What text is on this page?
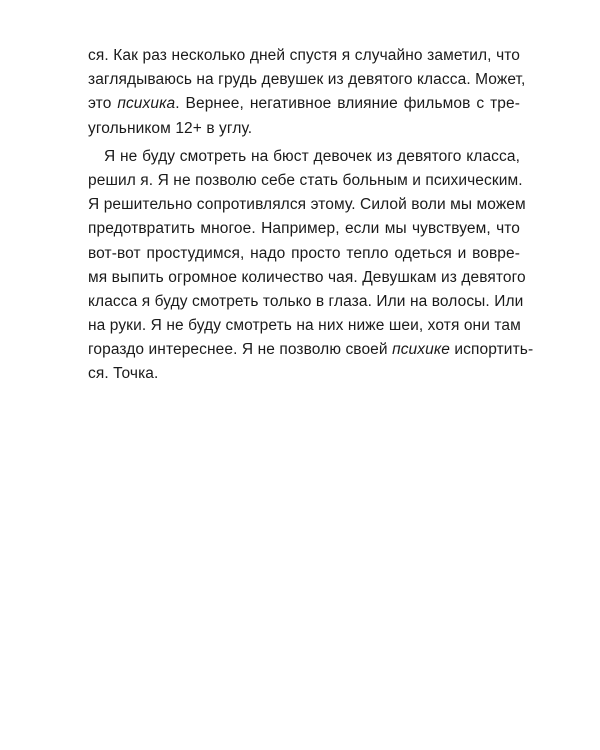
ся. Как раз несколько дней спустя я случайно заметил, что
заглядываюсь на грудь девушек из девятого класса. Может,
это психика. Вернее, негативное влияние фильмов с тре-
угольником 12+ в углу.
Я не буду смотреть на бюст девочек из девятого класса,
решил я. Я не позволю себе стать больным и психическим.
Я решительно сопротивлялся этому. Силой воли мы можем
предотвратить многое. Например, если мы чувствуем, что
вот-вот простудимся, надо просто тепло одеться и вовре-
мя выпить огромное количество чая. Девушкам из девятого
класса я буду смотреть только в глаза. Или на волосы. Или
на руки. Я не буду смотреть на них ниже шеи, хотя они там
гораздо интереснее. Я не позволю своей психике испортить-
ся. Точка.
